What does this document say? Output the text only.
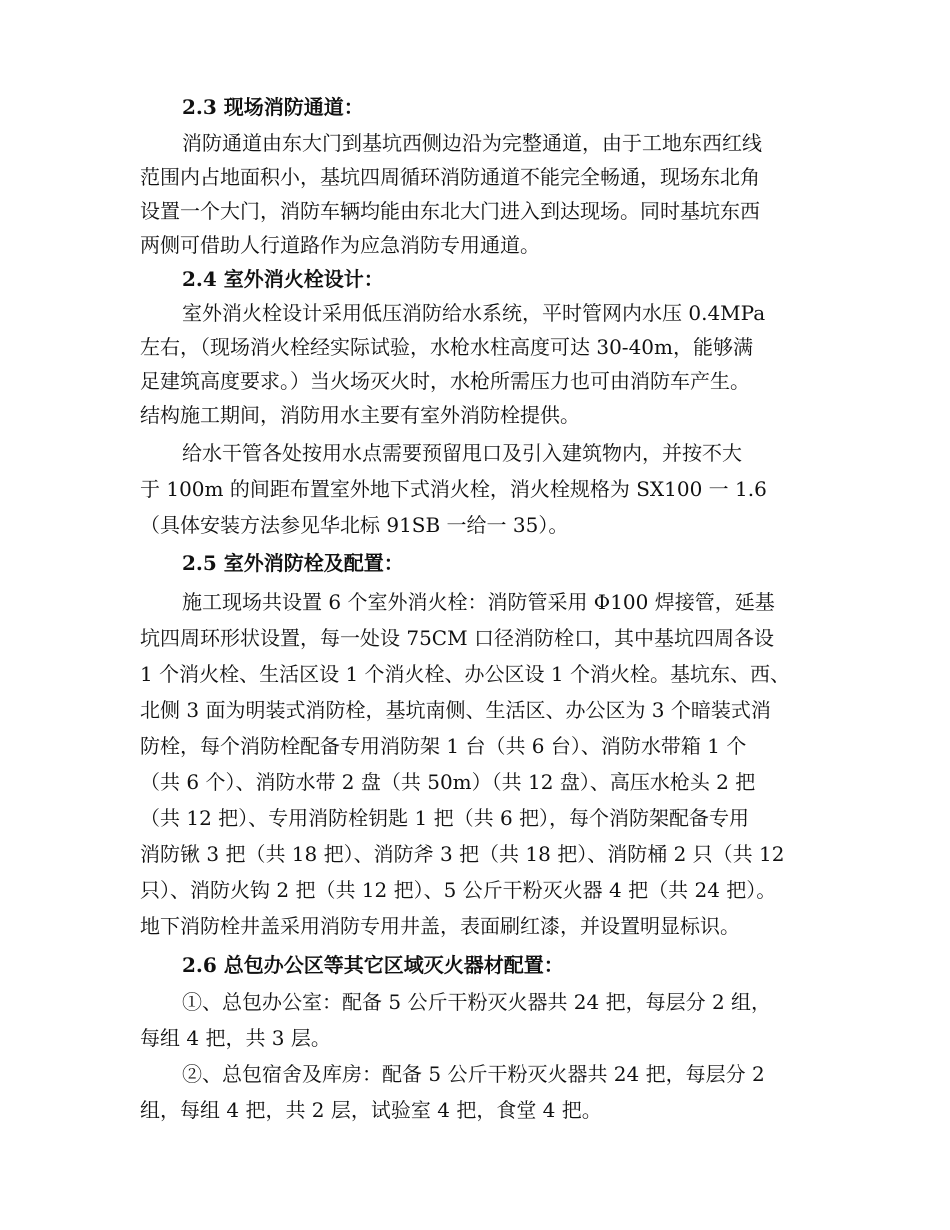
2.3 现场消防通道：
消防通道由东大门到基坑西侧边沿为完整通道，由于工地东西红线
范围内占地面积小，基坑四周循环消防通道不能完全畅通，现场东北角
设置一个大门，消防车辆均能由东北大门进入到达现场。同时基坑东西
两侧可借助人行道路作为应急消防专用通道。
2.4 室外消火栓设计：
室外消火栓设计采用低压消防给水系统，平时管网内水压 0.4MPa
左右，（现场消火栓经实际试验，水枪水柱高度可达 30-40m，能够满
足建筑高度要求。）当火场灭火时，水枪所需压力也可由消防车产生。
结构施工期间，消防用水主要有室外消防栓提供。
给水干管各处按用水点需要预留甩口及引入建筑物内，并按不大
于 100m 的间距布置室外地下式消火栓，消火栓规格为 SX100 一 1.6
（具体安装方法参见华北标 91SB 一给一 35）。
2.5 室外消防栓及配置：
施工现场共设置 6 个室外消火栓：消防管采用 Φ100 焊接管，延基
坑四周环形状设置，每一处设 75CM 口径消防栓口，其中基坑四周各设
1 个消火栓、生活区设 1 个消火栓、办公区设 1 个消火栓。基坑东、西、
北侧 3 面为明装式消防栓，基坑南侧、生活区、办公区为 3 个暗装式消
防栓，每个消防栓配备专用消防架 1 台（共 6 台）、消防水带箱 1 个
（共 6 个）、消防水带 2 盘（共 50m）（共 12 盘）、高压水枪头 2 把
（共 12 把）、专用消防栓钥匙 1 把（共 6 把），每个消防架配备专用
消防锹 3 把（共 18 把）、消防斧 3 把（共 18 把）、消防桶 2 只（共 12
只）、消防火钩 2 把（共 12 把）、5 公斤干粉灭火器 4 把（共 24 把）。
地下消防栓井盖采用消防专用井盖，表面刷红漆，并设置明显标识。
2.6 总包办公区等其它区域灭火器材配置：
①、总包办公室：配备 5 公斤干粉灭火器共 24 把，每层分 2 组，
每组 4 把，共 3 层。
②、总包宿舍及库房：配备 5 公斤干粉灭火器共 24 把，每层分 2
组，每组 4 把，共 2 层，试验室 4 把，食堂 4 把。
